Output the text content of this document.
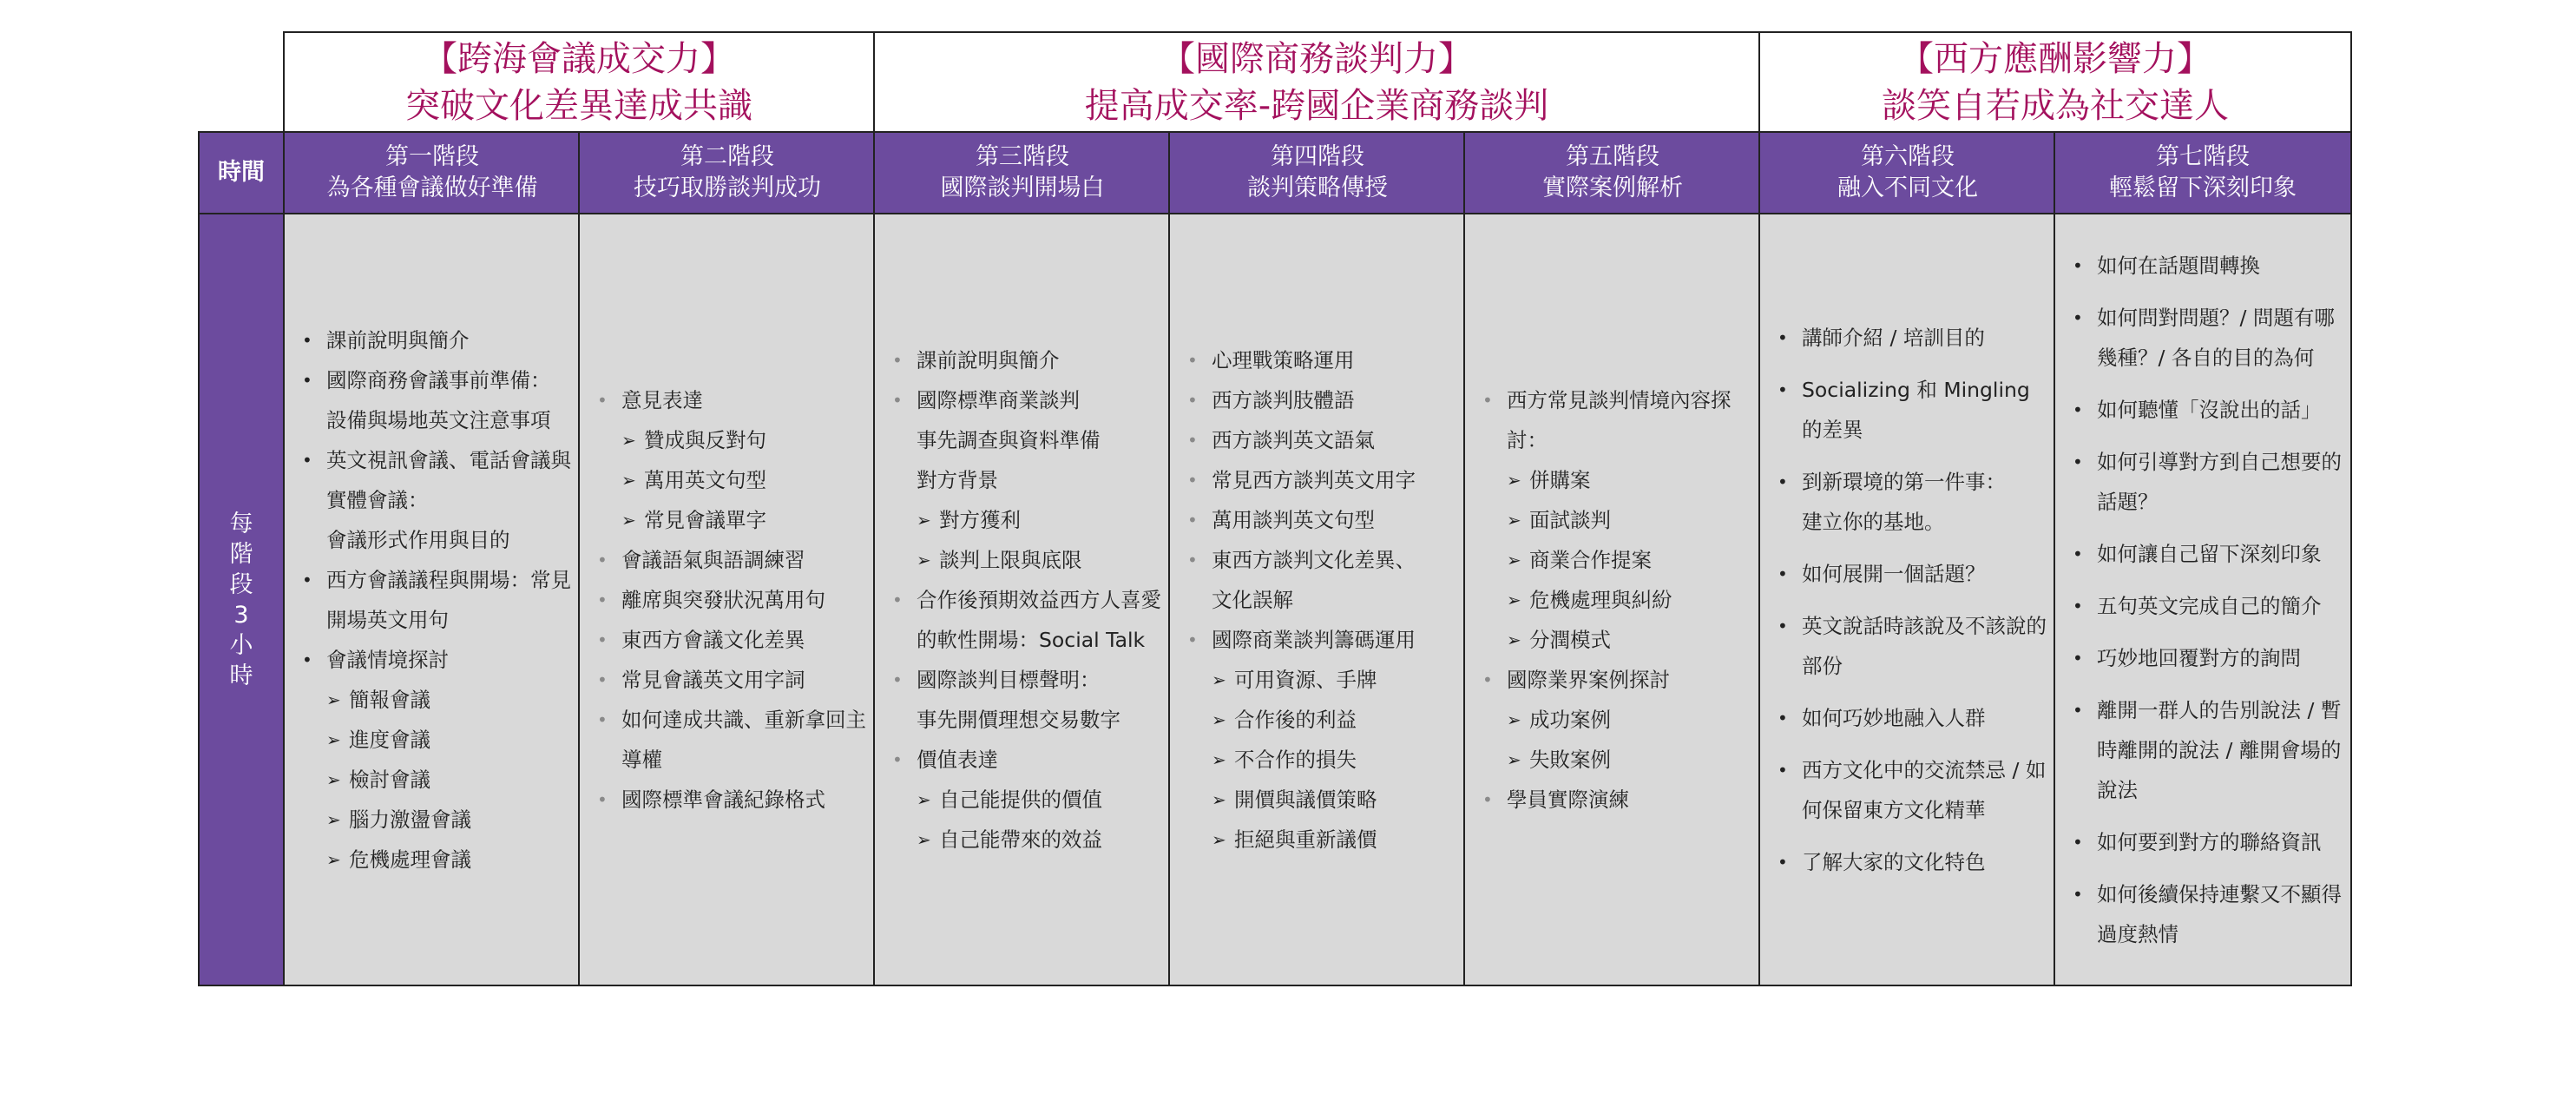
【跨海會議成交力】
突破文化差異達成共識
【國際商務談判力】
提高成交率-跨國企業商務談判
【西方應酬影響力】
談笑自若成為社交達人
時間
每階段3小時
第一階段
為各種會議做好準備
• 課前說明與簡介
• 國際商務會議事前準備：
設備與場地英文注意事項
• 英文視訊會議、電話會議與實體會議：
會議形式作用與目的
• 西方會議議程與開場：常見開場英文用句
• 會議情境探討
➢ 簡報會議
➢ 進度會議
➢ 檢討會議
➢ 腦力激盪會議
➢ 危機處理會議
第二階段
技巧取勝談判成功
• 意見表達
➢ 贊成與反對句
➢ 萬用英文句型
➢ 常見會議單字
• 會議語氣與語調練習
• 離席與突發狀況萬用句
• 東西方會議文化差異
• 常見會議英文用字詞
• 如何達成共識、重新拿回主導權
• 國際標準會議紀錄格式
第三階段
國際談判開場白
• 課前說明與簡介
• 國際標準商業談判
事先調查與資料準備
對方背景
➢ 對方獲利
➢ 談判上限與底限
• 合作後預期效益西方人喜愛的軟性開場：Social Talk
• 國際談判目標聲明：
事先開價理想交易數字
• 價值表達
➢ 自己能提供的價值
➢ 自己能帶來的效益
第四階段
談判策略傳授
• 心理戰策略運用
• 西方談判肢體語
• 西方談判英文語氣
• 常見西方談判英文用字
• 萬用談判英文句型
• 東西方談判文化差異、
文化誤解
• 國際商業談判籌碼運用
➢ 可用資源、手牌
➢ 合作後的利益
➢ 不合作的損失
➢ 開價與議價策略
➢ 拒絕與重新議價
第五階段
實際案例解析
• 西方常見談判情境內容探討：
➢ 併購案
➢ 面試談判
➢ 商業合作提案
➢ 危機處理與糾紛
➢ 分潤模式
• 國際業界案例探討
➢ 成功案例
➢ 失敗案例
• 學員實際演練
第六階段
融入不同文化
• 講師介紹 / 培訓目的
• Socializing 和 Mingling 的差異
• 到新環境的第一件事：
建立你的基地。
• 如何展開一個話題？
• 英文說話時該說及不該說的部份
• 如何巧妙地融入人群
• 西方文化中的交流禁忌 / 如何保留東方文化精華
• 了解大家的文化特色
第七階段
輕鬆留下深刻印象
• 如何在話題間轉換
• 如何問對問題？/ 問題有哪幾種？/ 各自的目的為何
• 如何聽懂「沒說出的話」
• 如何引導對方到自己想要的話題？
• 如何讓自己留下深刻印象
• 五句英文完成自己的簡介
• 巧妙地回覆對方的詢問
• 離開一群人的告別說法 / 暫時離開的說法 / 離開會場的說法
• 如何要到對方的聯絡資訊
• 如何後續保持連繫又不顯得過度熱情
